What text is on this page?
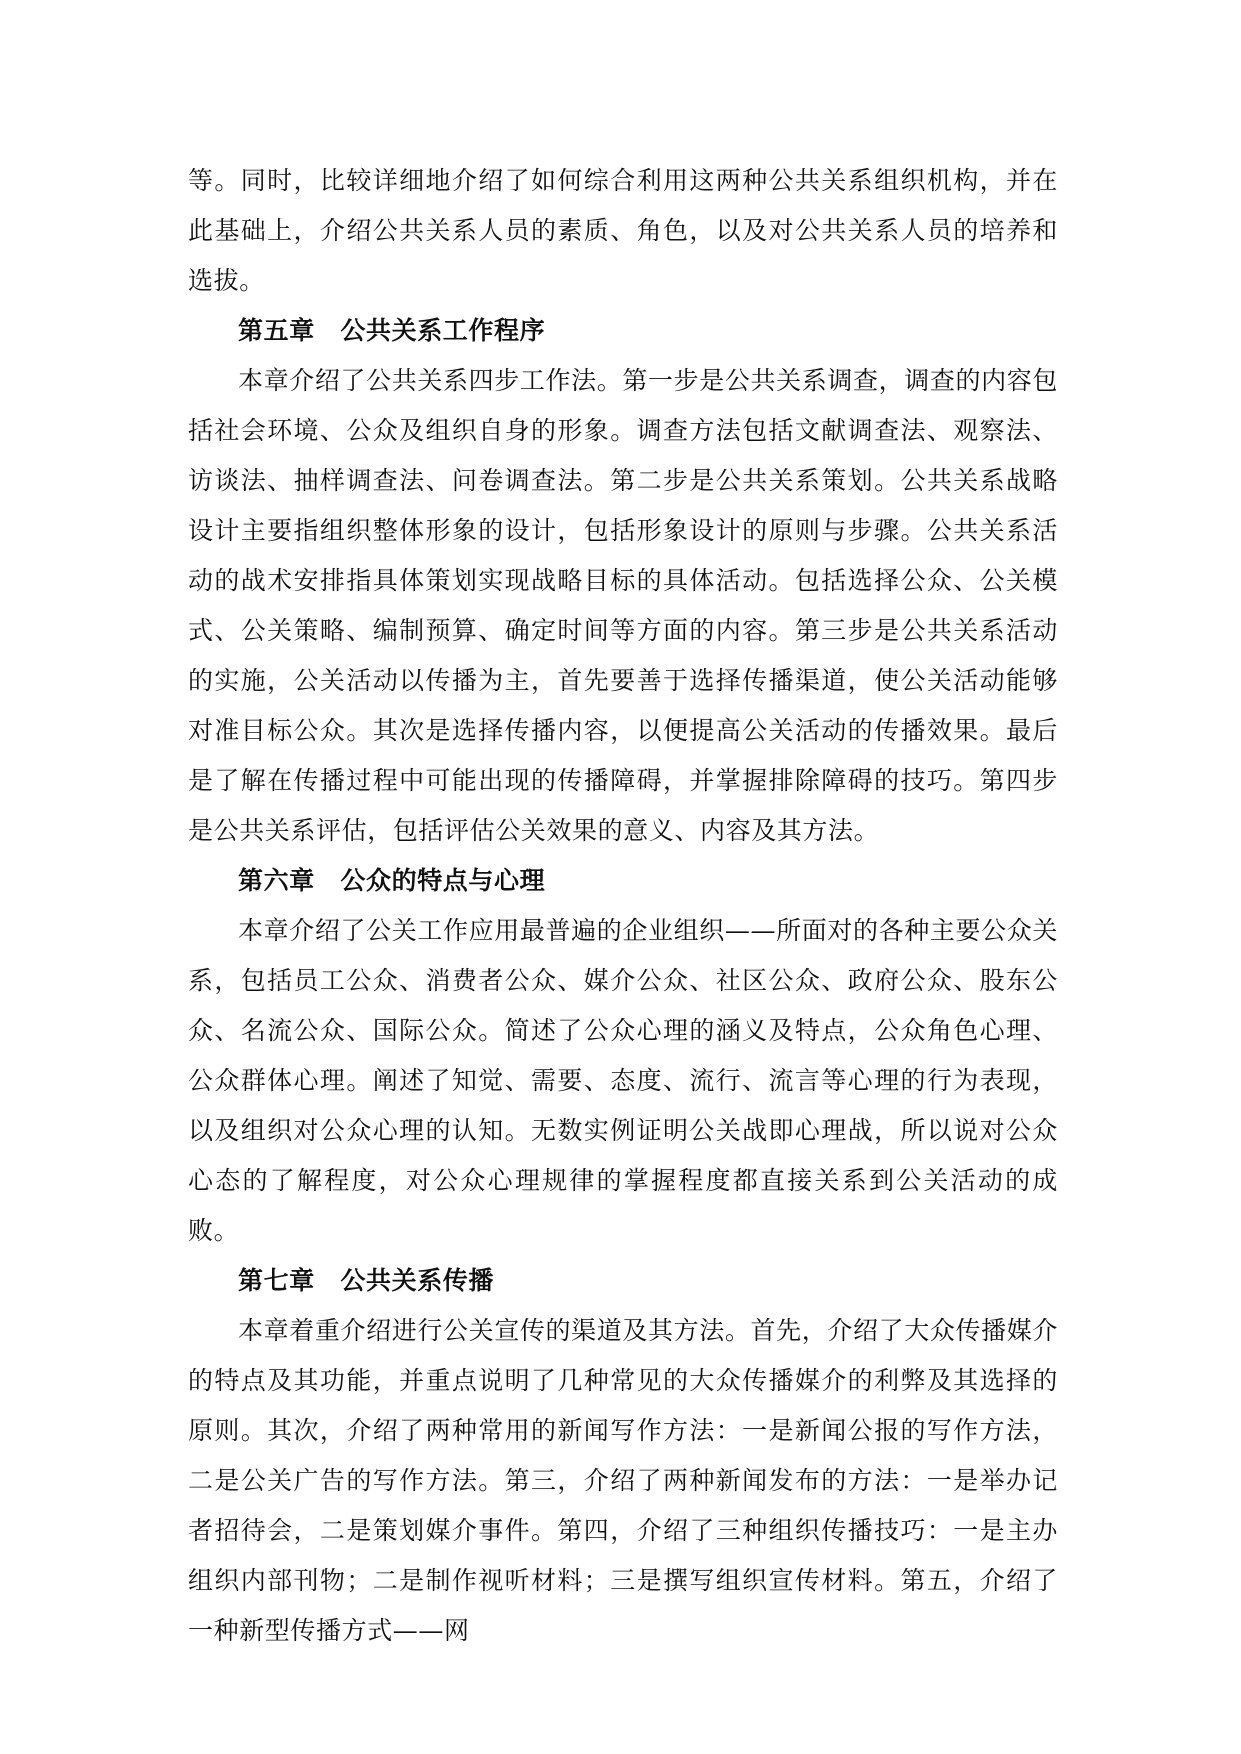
等。同时，比较详细地介绍了如何综合利用这两种公共关系组织机构，并在此基础上，介绍公共关系人员的素质、角色，以及对公共关系人员的培养和选拔。

第五章　公共关系工作程序

本章介绍了公共关系四步工作法。第一步是公共关系调查，调查的内容包括社会环境、公众及组织自身的形象。调查方法包括文献调查法、观察法、访谈法、抽样调查法、问卷调查法。第二步是公共关系策划。公共关系战略设计主要指组织整体形象的设计，包括形象设计的原则与步骤。公共关系活动的战术安排指具体策划实现战略目标的具体活动。包括选择公众、公关模式、公关策略、编制预算、确定时间等方面的内容。第三步是公共关系活动的实施，公关活动以传播为主，首先要善于选择传播渠道，使公关活动能够对准目标公众。其次是选择传播内容，以便提高公关活动的传播效果。最后是了解在传播过程中可能出现的传播障碍，并掌握排除障碍的技巧。第四步是公共关系评估，包括评估公关效果的意义、内容及其方法。

第六章　公众的特点与心理

本章介绍了公关工作应用最普遍的企业组织——所面对的各种主要公众关系，包括员工公众、消费者公众、媒介公众、社区公众、政府公众、股东公众、名流公众、国际公众。简述了公众心理的涵义及特点，公众角色心理、公众群体心理。阐述了知觉、需要、态度、流行、流言等心理的行为表现，以及组织对公众心理的认知。无数实例证明公关战即心理战，所以说对公众心态的了解程度，对公众心理规律的掌握程度都直接关系到公关活动的成败。

第七章　公共关系传播

本章着重介绍进行公关宣传的渠道及其方法。首先，介绍了大众传播媒介的特点及其功能，并重点说明了几种常见的大众传播媒介的利弊及其选择的原则。其次，介绍了两种常用的新闻写作方法：一是新闻公报的写作方法，二是公关广告的写作方法。第三，介绍了两种新闻发布的方法：一是举办记者招待会，二是策划媒介事件。第四，介绍了三种组织传播技巧：一是主办组织内部刊物；二是制作视听材料；三是撰写组织宣传材料。第五，介绍了一种新型传播方式——网
